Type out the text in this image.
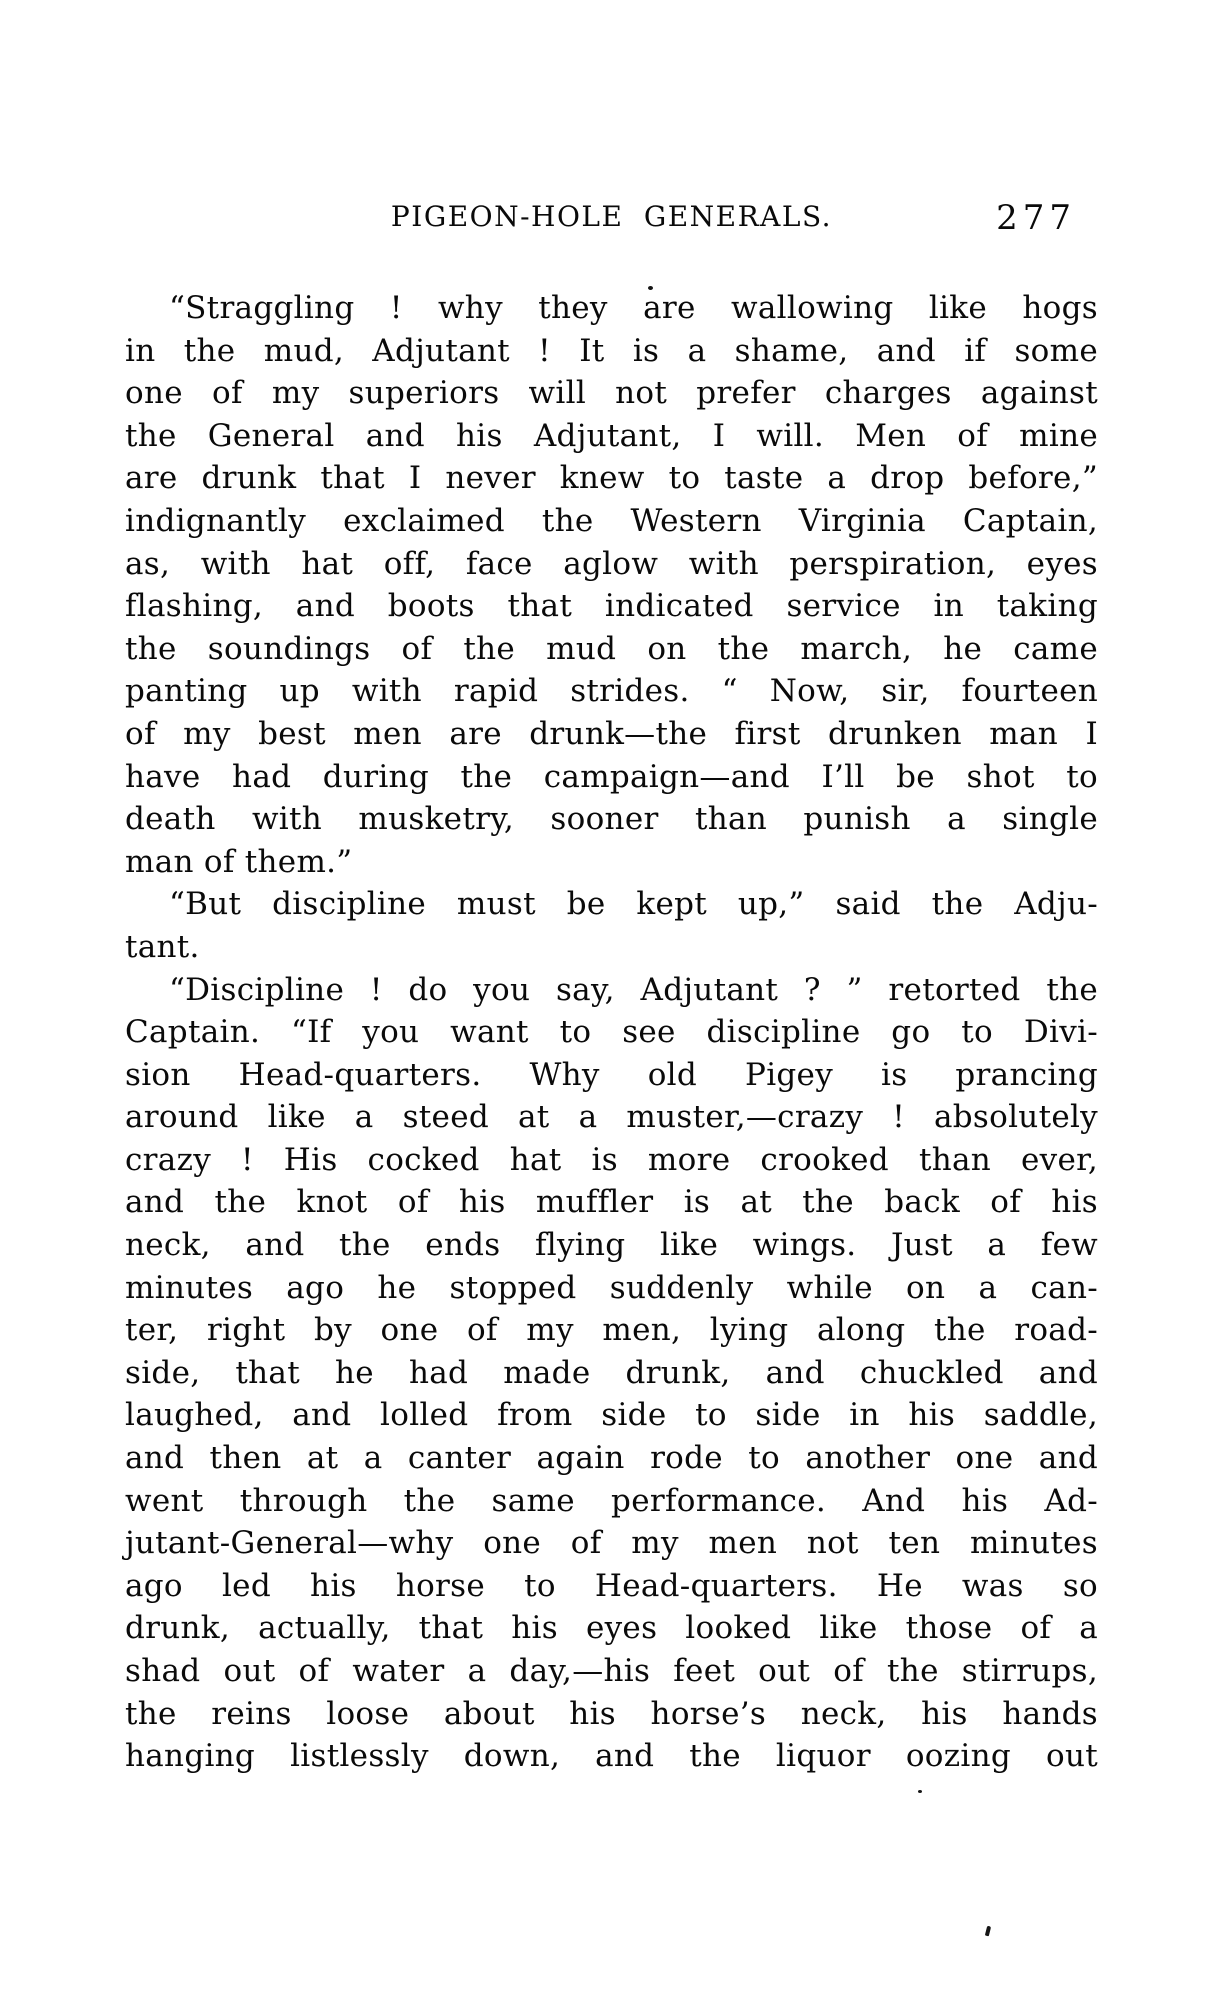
PIGEON-HOLE GENERALS.	277
“Straggling ! why they are wallowing like hogs
in the mud, Adjutant ! It is a shame, and if some
one of my superiors will not prefer charges against
the General and his Adjutant, I will. Men of mine
are drunk that I never knew to taste a drop before,”
indignantly exclaimed the Western Virginia Captain,
as, with hat off, face aglow with perspiration, eyes
flashing, and boots that indicated service in taking
the soundings of the mud on the march, he came
panting up with rapid strides. “ Now, sir, fourteen
of my best men are drunk—the first drunken man I
have had during the campaign—and I’ll be shot to
death with musketry, sooner than punish a single
man of them.”
“But discipline must be kept up,” said the Adju-
tant.
“Discipline ! do you say, Adjutant ? ” retorted the
Captain. “If you want to see discipline go to Divi-
sion Head-quarters. Why old Pigey is prancing
around like a steed at a muster,—crazy ! absolutely
crazy ! His cocked hat is more crooked than ever,
and the knot of his muffler is at the back of his
neck, and the ends flying like wings. Just a few
minutes ago he stopped suddenly while on a can-
ter, right by one of my men, lying along the road-
side, that he had made drunk, and chuckled and
laughed, and lolled from side to side in his saddle,
and then at a canter again rode to another one and
went through the same performance. And his Ad-
jutant-General—why one of my men not ten minutes
ago led his horse to Head-quarters. He was so
drunk, actually, that his eyes looked like those of a
shad out of water a day,—his feet out of the stirrups,
the reins loose about his horse’s neck, his hands
hanging listlessly down, and the liquor oozing out
